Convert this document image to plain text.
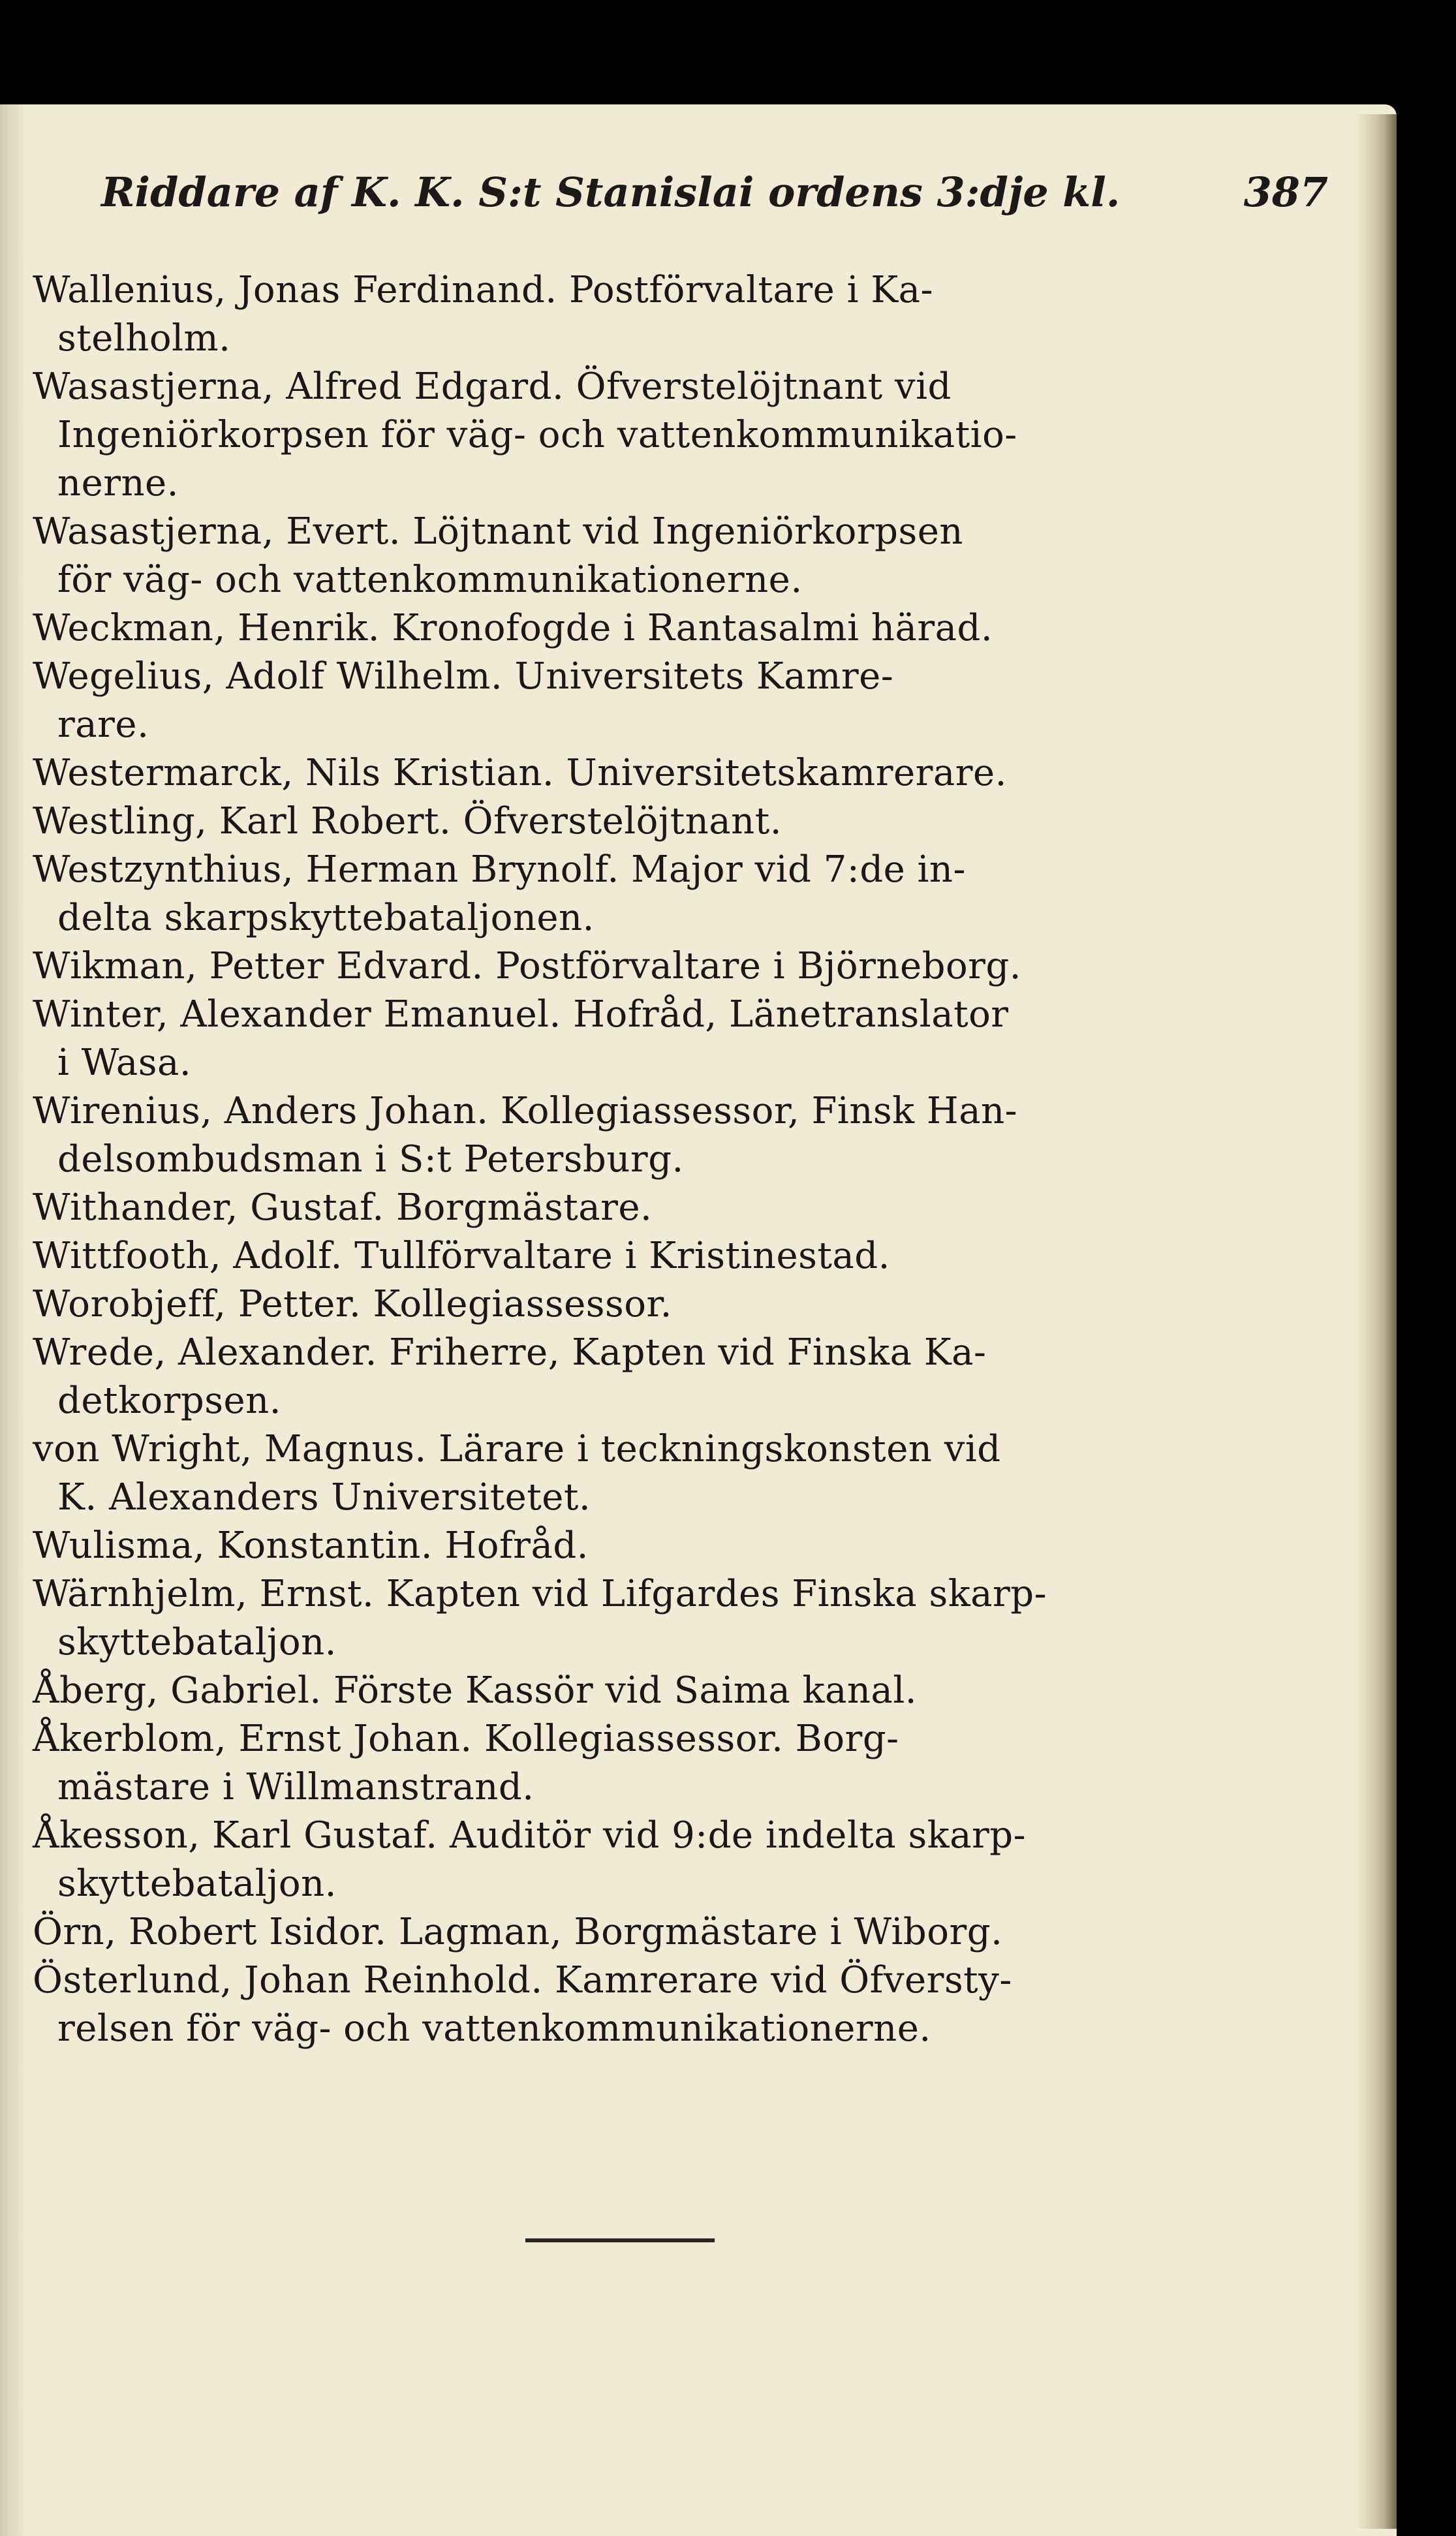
Riddare af K. K. S:t Stanislai ordens 3:dje kl.	387
Wallenius, Jonas Ferdinand. Postförvaltare i Ka-
stelholm.
Wasastjerna, Alfred Edgard. Öfverstelöjtnant vid
Ingeniörkorpsen för väg- och vattenkommunikatio-
nerne.
Wasastjerna, Evert. Löjtnant vid Ingeniörkorpsen
för väg- och vattenkommunikationerne.
Weckman, Henrik. Kronofogde i Rantasalmi härad.
Wegelius, Adolf Wilhelm. Universitets Kamre-
rare.
Westermarck, Nils Kristian. Universitetskamrerare.
Westling, Karl Robert. Öfverstelöjtnant.
Westzynthius, Herman Brynolf. Major vid 7:de in-
delta skarpskyttebataljonen.
Wikman, Petter Edvard. Postförvaltare i Björneborg.
Winter, Alexander Emanuel. Hofråd, Länetranslator
i Wasa.
Wirenius, Anders Johan. Kollegiassessor, Finsk Han-
delsombudsman i S:t Petersburg.
Withander, Gustaf. Borgmästare.
Wittfooth, Adolf. Tullförvaltare i Kristinestad.
Worobjeff, Petter. Kollegiassessor.
Wrede, Alexander. Friherre, Kapten vid Finska Ka-
detkorpsen.
von Wright, Magnus. Lärare i teckningskonsten vid
K. Alexanders Universitetet.
Wulisma, Konstantin. Hofråd.
Wärnhjelm, Ernst. Kapten vid Lifgardes Finska skarp-
skyttebataljon.
Åberg, Gabriel. Förste Kassör vid Saima kanal.
Åkerblom, Ernst Johan. Kollegiassessor. Borg-
mästare i Willmanstrand.
Åkesson, Karl Gustaf. Auditör vid 9:de indelta skarp-
skyttebataljon.
Örn, Robert Isidor. Lagman, Borgmästare i Wiborg.
Österlund, Johan Reinhold. Kamrerare vid Öfversty-
relsen för väg- och vattenkommunikationerne.
